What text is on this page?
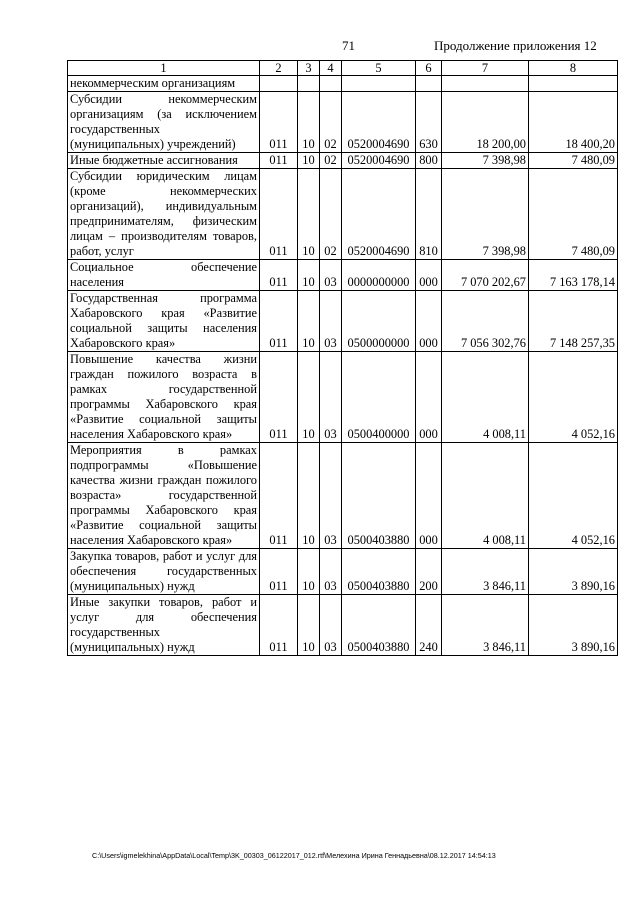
71	Продолжение приложения 12
1	2	3	4	5	6	7	8
некоммерческим организациям							
Субсидии некоммерческим организациям (за исключением государственных (муниципальных) учреждений)	011	10	02	0520004690	630	18 200,00	18 400,20
Иные бюджетные ассигнования	011	10	02	0520004690	800	7 398,98	7 480,09
Субсидии юридическим лицам (кроме некоммерческих организаций), индивидуальным предпринимателям, физическим лицам – производителям товаров, работ, услуг	011	10	02	0520004690	810	7 398,98	7 480,09
Социальное обеспечение населения	011	10	03	0000000000	000	7 070 202,67	7 163 178,14
Государственная программа Хабаровского края «Развитие социальной защиты населения Хабаровского края»	011	10	03	0500000000	000	7 056 302,76	7 148 257,35
Повышение качества жизни граждан пожилого возраста в рамках государственной программы Хабаровского края «Развитие социальной защиты населения Хабаровского края»	011	10	03	0500400000	000	4 008,11	4 052,16
Мероприятия в рамках подпрограммы «Повышение качества жизни граждан пожилого возраста» государственной программы Хабаровского края «Развитие социальной защиты населения Хабаровского края»	011	10	03	0500403880	000	4 008,11	4 052,16
Закупка товаров, работ и услуг для обеспечения государственных (муниципальных) нужд	011	10	03	0500403880	200	3 846,11	3 890,16
Иные закупки товаров, работ и услуг для обеспечения государственных (муниципальных) нужд	011	10	03	0500403880	240	3 846,11	3 890,16
C:\Users\igmelekhina\AppData\Local\Temp\3K_00303_06122017_012.rtf\Мелехина Ирина Геннадьевна\08.12.2017 14:54:13
